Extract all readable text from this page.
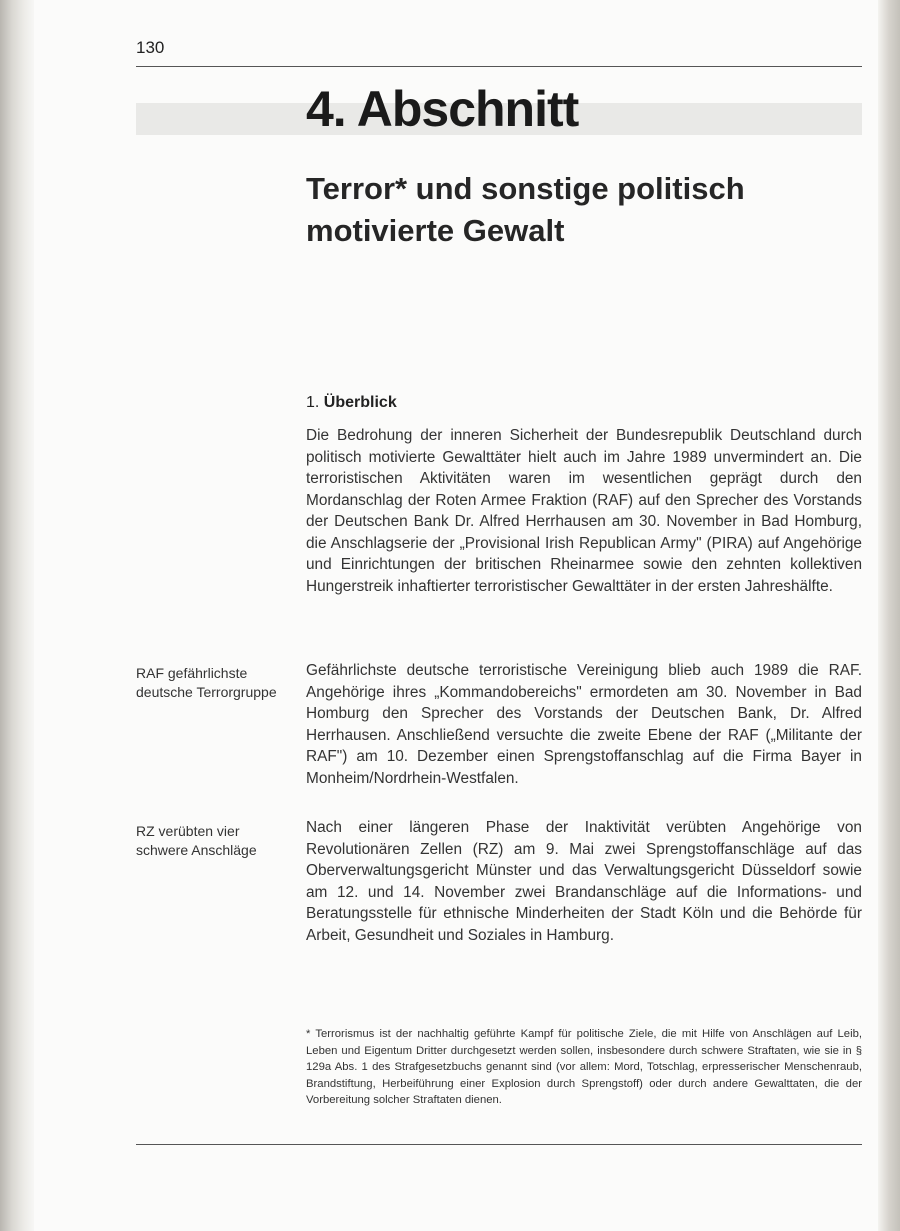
130
4. Abschnitt
Terror* und sonstige politisch motivierte Gewalt
1. Überblick

Die Bedrohung der inneren Sicherheit der Bundesrepublik Deutschland durch politisch motivierte Gewalttäter hielt auch im Jahre 1989 unvermindert an. Die terroristischen Aktivitäten waren im wesentlichen geprägt durch den Mordanschlag der Roten Armee Fraktion (RAF) auf den Sprecher des Vorstands der Deutschen Bank Dr. Alfred Herrhausen am 30. November in Bad Homburg, die Anschlagserie der „Provisional Irish Republican Army" (PIRA) auf Angehörige und Einrichtungen der britischen Rheinarmee sowie den zehnten kollektiven Hungerstreik inhaftierter terroristischer Gewalttäter in der ersten Jahreshälfte.

RAF gefährlichste deutsche Terrorgruppe

Gefährlichste deutsche terroristische Vereinigung blieb auch 1989 die RAF. Angehörige ihres „Kommandobereichs" ermordeten am 30. November in Bad Homburg den Sprecher des Vorstands der Deutschen Bank, Dr. Alfred Herrhausen. Anschließend versuchte die zweite Ebene der RAF („Militante der RAF") am 10. Dezember einen Sprengstoffanschlag auf die Firma Bayer in Monheim/Nordrhein-Westfalen.

RZ verübten vier schwere Anschläge

Nach einer längeren Phase der Inaktivität verübten Angehörige von Revolutionären Zellen (RZ) am 9. Mai zwei Sprengstoffanschläge auf das Oberverwaltungsgericht Münster und das Verwaltungsgericht Düsseldorf sowie am 12. und 14. November zwei Brandanschläge auf die Informations- und Beratungsstelle für ethnische Minderheiten der Stadt Köln und die Behörde für Arbeit, Gesundheit und Soziales in Hamburg.

* Terrorismus ist der nachhaltig geführte Kampf für politische Ziele, die mit Hilfe von Anschlägen auf Leib, Leben und Eigentum Dritter durchgesetzt werden sollen, insbesondere durch schwere Straftaten, wie sie in § 129a Abs. 1 des Strafgesetzbuchs genannt sind (vor allem: Mord, Totschlag, erpresserischer Menschenraub, Brandstiftung, Herbeiführung einer Explosion durch Sprengstoff) oder durch andere Gewalttaten, die der Vorbereitung solcher Straftaten dienen.
